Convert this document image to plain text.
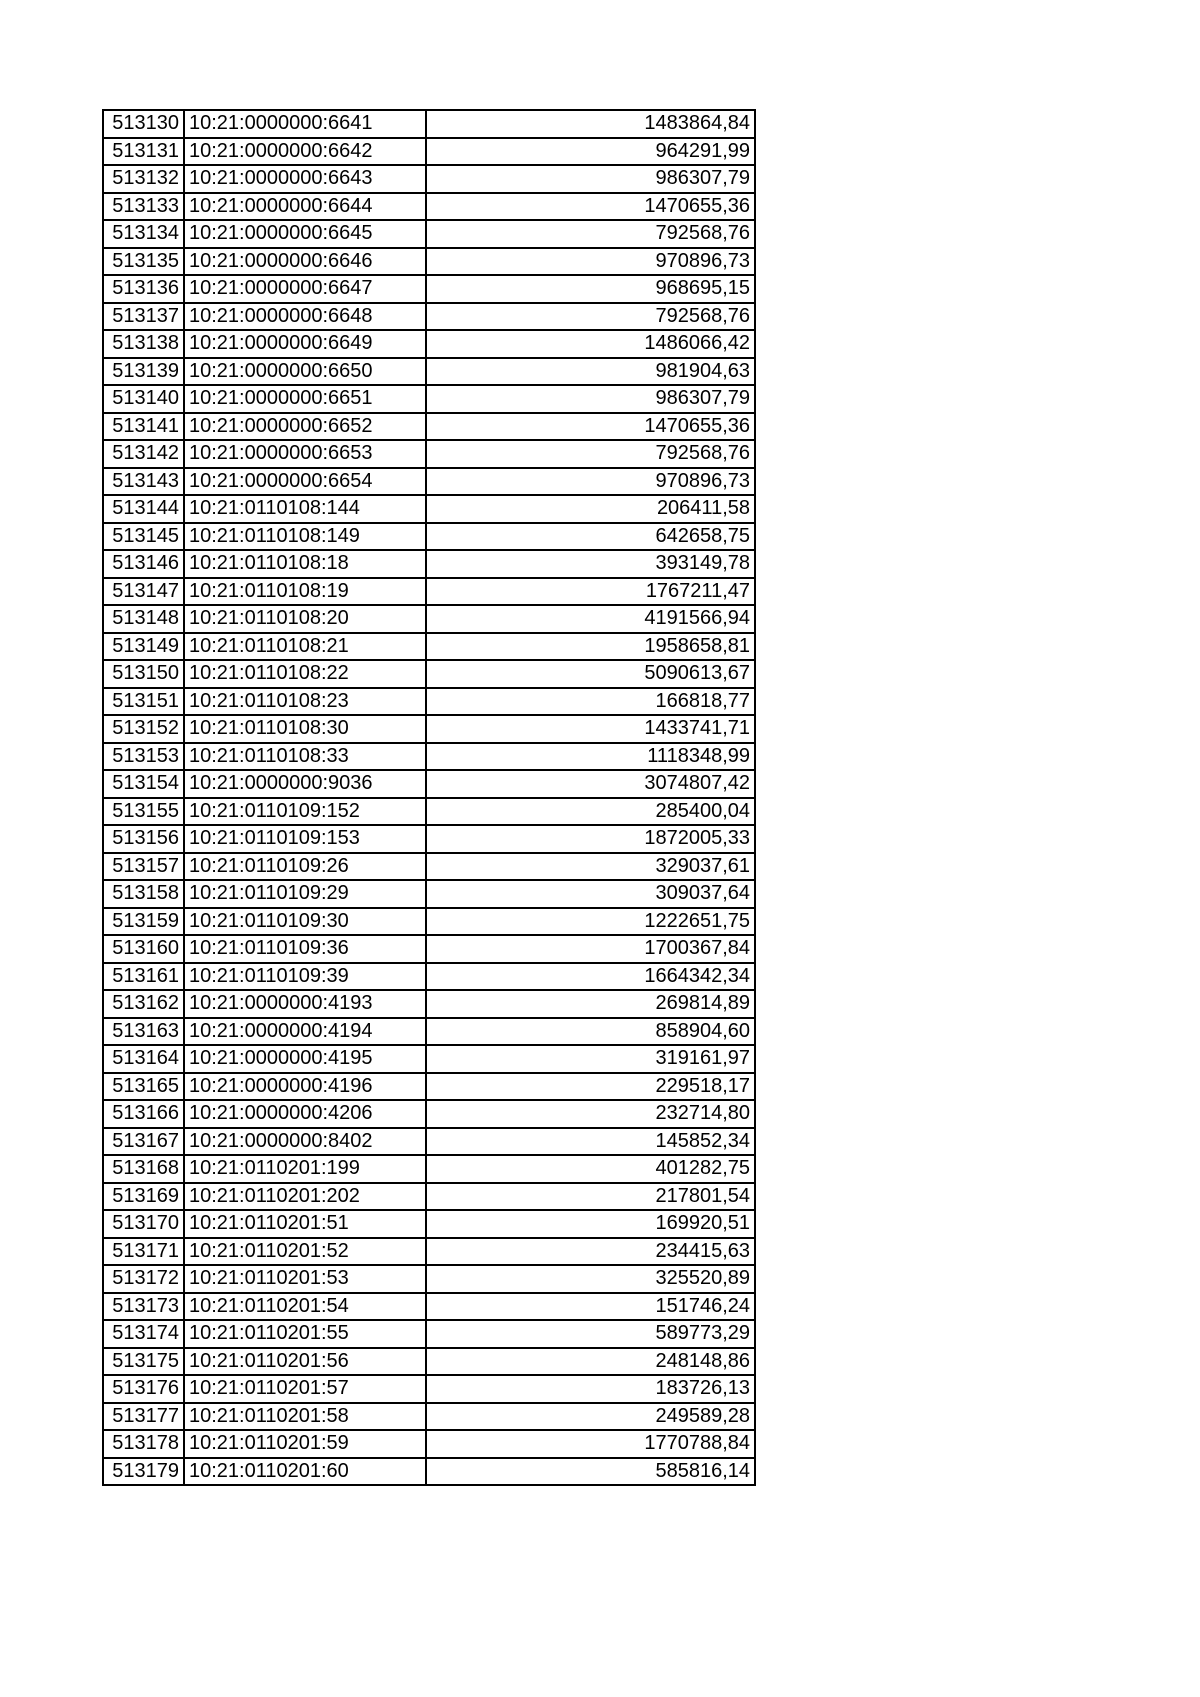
513130	10:21:0000000:6641	1483864,84
513131	10:21:0000000:6642	964291,99
513132	10:21:0000000:6643	986307,79
513133	10:21:0000000:6644	1470655,36
513134	10:21:0000000:6645	792568,76
513135	10:21:0000000:6646	970896,73
513136	10:21:0000000:6647	968695,15
513137	10:21:0000000:6648	792568,76
513138	10:21:0000000:6649	1486066,42
513139	10:21:0000000:6650	981904,63
513140	10:21:0000000:6651	986307,79
513141	10:21:0000000:6652	1470655,36
513142	10:21:0000000:6653	792568,76
513143	10:21:0000000:6654	970896,73
513144	10:21:0110108:144	206411,58
513145	10:21:0110108:149	642658,75
513146	10:21:0110108:18	393149,78
513147	10:21:0110108:19	1767211,47
513148	10:21:0110108:20	4191566,94
513149	10:21:0110108:21	1958658,81
513150	10:21:0110108:22	5090613,67
513151	10:21:0110108:23	166818,77
513152	10:21:0110108:30	1433741,71
513153	10:21:0110108:33	1118348,99
513154	10:21:0000000:9036	3074807,42
513155	10:21:0110109:152	285400,04
513156	10:21:0110109:153	1872005,33
513157	10:21:0110109:26	329037,61
513158	10:21:0110109:29	309037,64
513159	10:21:0110109:30	1222651,75
513160	10:21:0110109:36	1700367,84
513161	10:21:0110109:39	1664342,34
513162	10:21:0000000:4193	269814,89
513163	10:21:0000000:4194	858904,60
513164	10:21:0000000:4195	319161,97
513165	10:21:0000000:4196	229518,17
513166	10:21:0000000:4206	232714,80
513167	10:21:0000000:8402	145852,34
513168	10:21:0110201:199	401282,75
513169	10:21:0110201:202	217801,54
513170	10:21:0110201:51	169920,51
513171	10:21:0110201:52	234415,63
513172	10:21:0110201:53	325520,89
513173	10:21:0110201:54	151746,24
513174	10:21:0110201:55	589773,29
513175	10:21:0110201:56	248148,86
513176	10:21:0110201:57	183726,13
513177	10:21:0110201:58	249589,28
513178	10:21:0110201:59	1770788,84
513179	10:21:0110201:60	585816,14
